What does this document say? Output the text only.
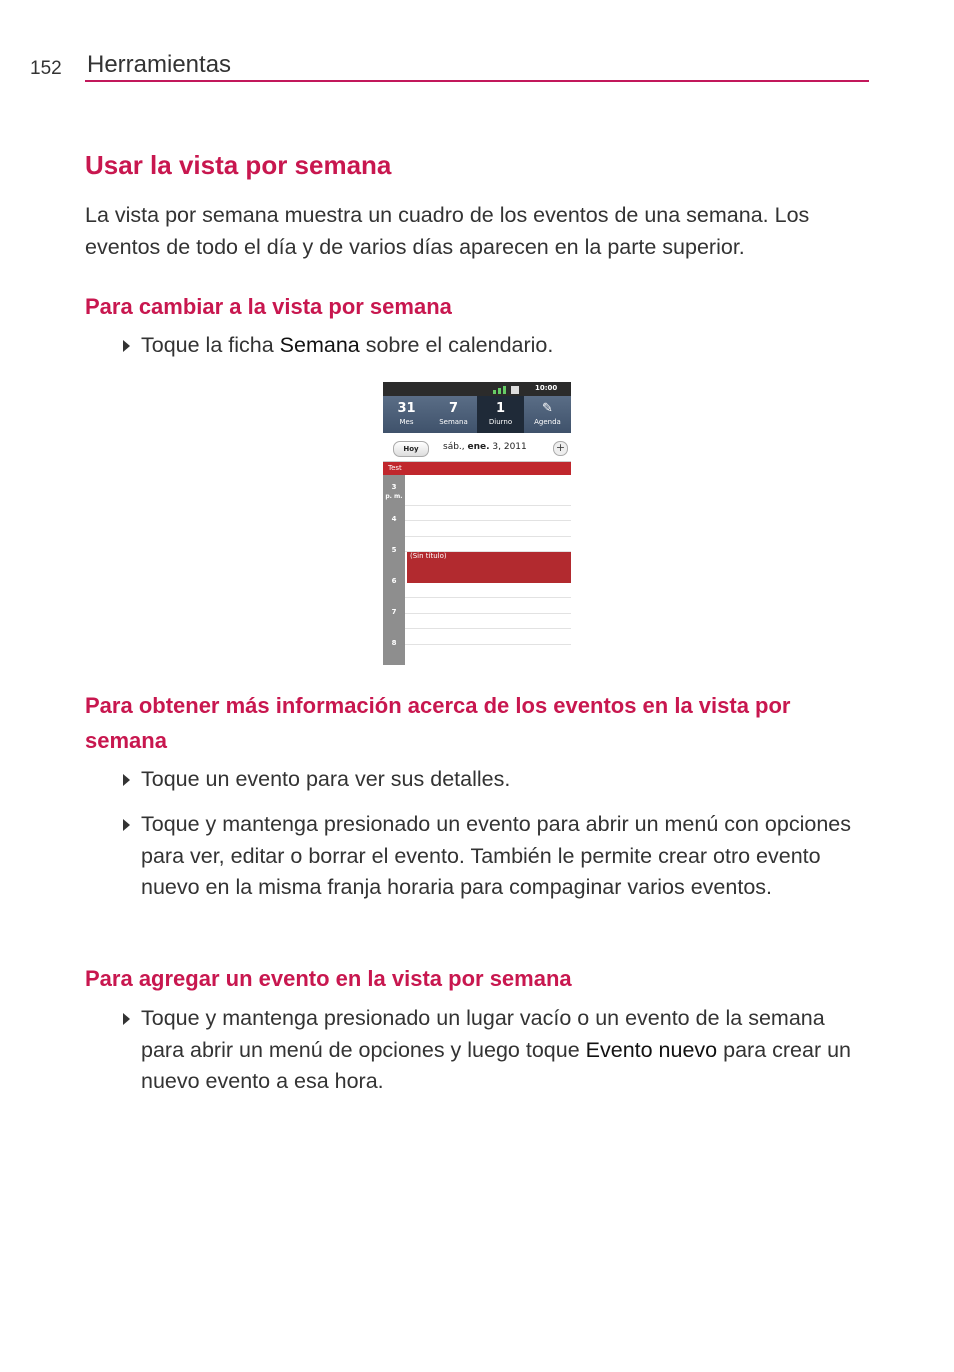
152 Herramientas
Usar la vista por semana

La vista por semana muestra un cuadro de los eventos de una semana. Los eventos de todo el día y de varios días aparecen en la parte superior.

Para cambiar a la vista por semana
Toque la ficha Semana sobre el calendario.
10:00
31
Mes
7
Semana
1
Diurno
✎
Agenda
Hoy	sáb., ene. 3, 2011	+
Test
3
p. m.
4
5
6
7
8
(Sin título)
Para obtener más información acerca de los eventos en la vista por semana
Toque un evento para ver sus detalles.
Toque y mantenga presionado un evento para abrir un menú con opciones para ver, editar o borrar el evento. También le permite crear otro evento nuevo en la misma franja horaria para compaginar varios eventos.
Para agregar un evento en la vista por semana
Toque y mantenga presionado un lugar vacío o un evento de la semana para abrir un menú de opciones y luego toque Evento nuevo para crear un nuevo evento a esa hora.
